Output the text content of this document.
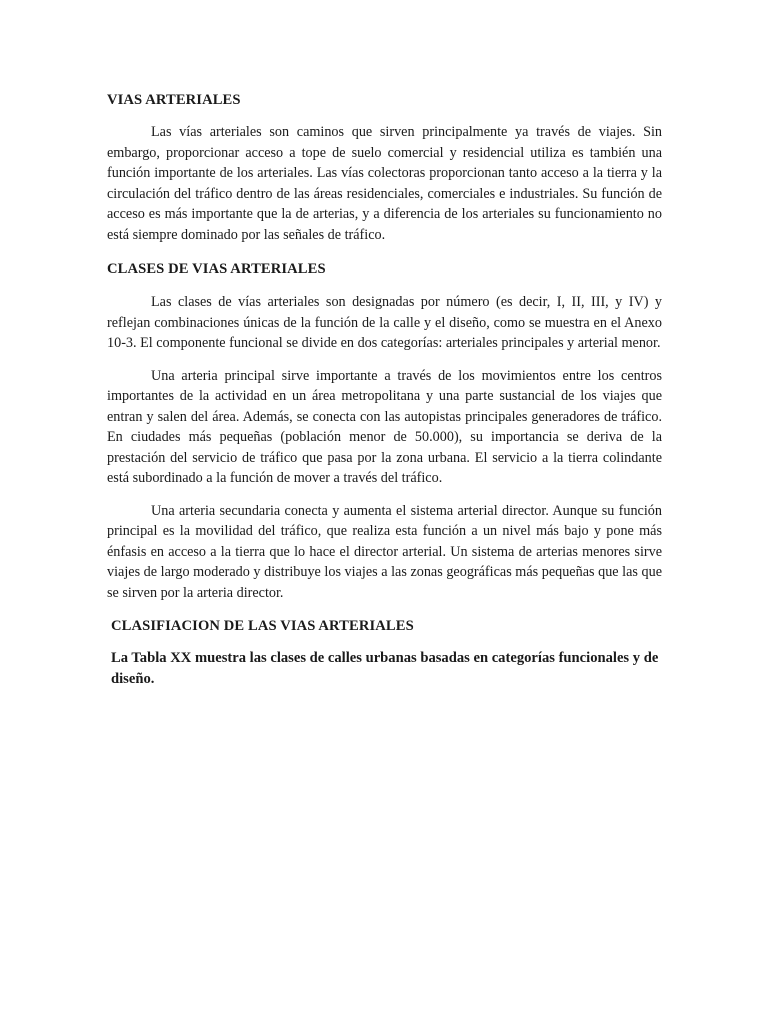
VIAS ARTERIALES

Las vías arteriales son caminos que sirven principalmente ya través de viajes. Sin embargo, proporcionar acceso a tope de suelo comercial y residencial utiliza es también una función importante de los arteriales. Las vías colectoras proporcionan tanto acceso a la tierra y la circulación del tráfico dentro de las áreas residenciales, comerciales e industriales. Su función de acceso es más importante que la de arterias, y a diferencia de los arteriales su funcionamiento no está siempre dominado por las señales de tráfico.

CLASES DE VIAS ARTERIALES

Las clases de vías arteriales son designadas por número (es decir, I, II, III, y IV) y reflejan combinaciones únicas de la función de la calle y el diseño, como se muestra en el Anexo 10-3. El componente funcional se divide en dos categorías: arteriales principales y arterial menor.

Una arteria principal sirve importante a través de los movimientos entre los centros importantes de la actividad en un área metropolitana y una parte sustancial de los viajes que entran y salen del área. Además, se conecta con las autopistas principales generadores de tráfico. En ciudades más pequeñas (población menor de 50.000), su importancia se deriva de la prestación del servicio de tráfico que pasa por la zona urbana. El servicio a la tierra colindante está subordinado a la función de mover a través del tráfico.

Una arteria secundaria conecta y aumenta el sistema arterial director. Aunque su función principal es la movilidad del tráfico, que realiza esta función a un nivel más bajo y pone más énfasis en acceso a la tierra que lo hace el director arterial. Un sistema de arterias menores sirve viajes de largo moderado y distribuye los viajes a las zonas geográficas más pequeñas que las que se sirven por la arteria director.

CLASIFIACION DE LAS VIAS ARTERIALES

La Tabla XX muestra las clases de calles urbanas basadas en categorías funcionales y de diseño.
